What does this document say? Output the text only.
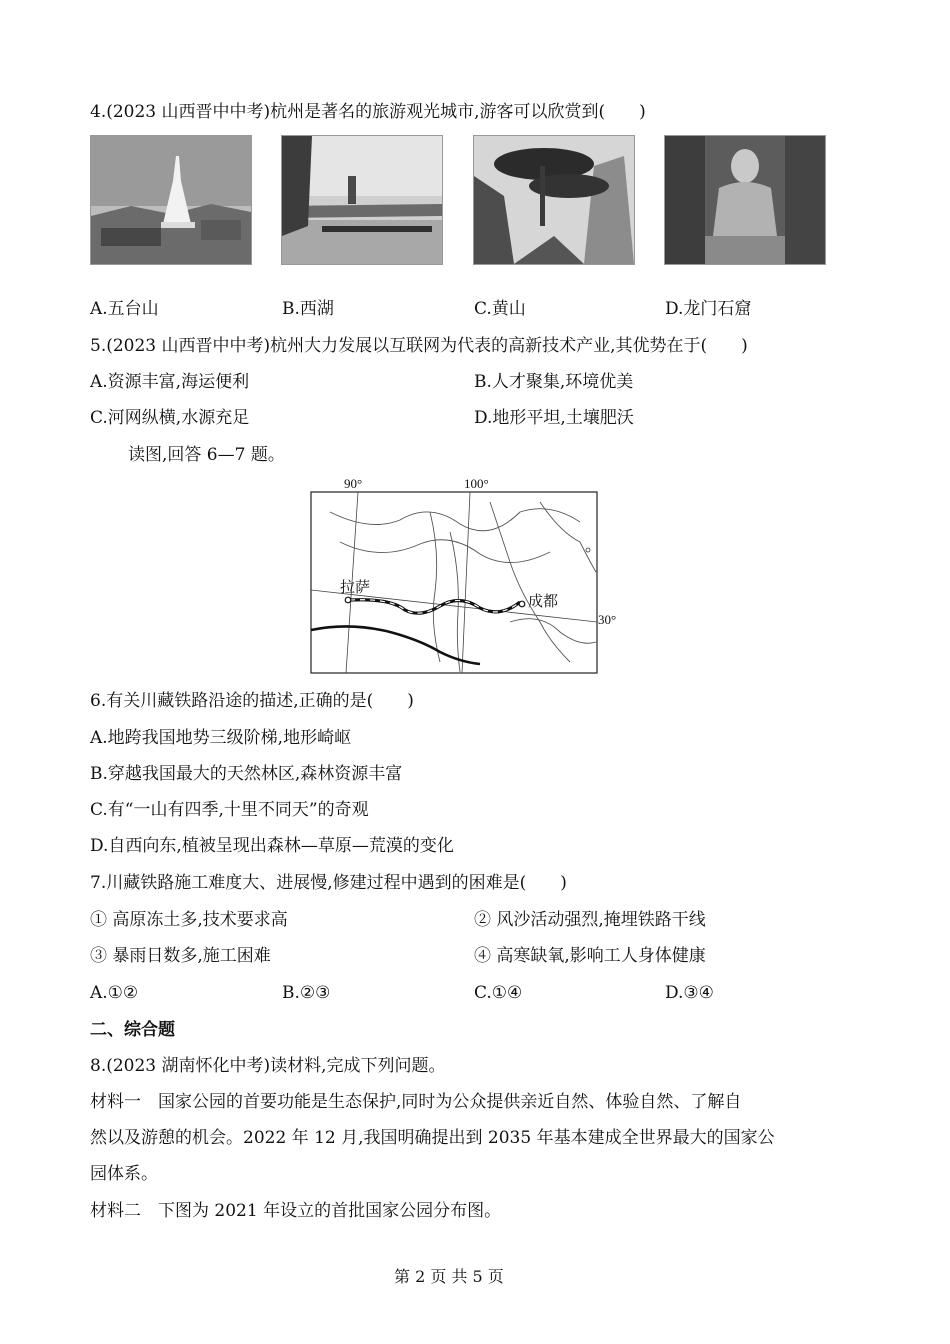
4.(2023 山西晋中中考)杭州是著名的旅游观光城市,游客可以欣赏到(　　)
A.五台山	B.西湖	C.黄山	D.龙门石窟
5.(2023 山西晋中中考)杭州大力发展以互联网为代表的高新技术产业,其优势在于(　　)
A.资源丰富,海运便利	B.人才聚集,环境优美
C.河网纵横,水源充足	D.地形平坦,土壤肥沃
读图,回答 6—7 题。
90°	100°
30°
拉萨
成都
6.有关川藏铁路沿途的描述,正确的是(　　)
A.地跨我国地势三级阶梯,地形崎岖
B.穿越我国最大的天然林区,森林资源丰富
C.有“一山有四季,十里不同天”的奇观
D.自西向东,植被呈现出森林—草原—荒漠的变化
7.川藏铁路施工难度大、进展慢,修建过程中遇到的困难是(　　)
① 高原冻土多,技术要求高	② 风沙活动强烈,掩埋铁路干线
③ 暴雨日数多,施工困难	④ 高寒缺氧,影响工人身体健康
A.①②	B.②③	C.①④	D.③④
二、综合题
8.(2023 湖南怀化中考)读材料,完成下列问题。
材料一　国家公园的首要功能是生态保护,同时为公众提供亲近自然、体验自然、了解自
然以及游憩的机会。2022 年 12 月,我国明确提出到 2035 年基本建成全世界最大的国家公
园体系。
材料二　下图为 2021 年设立的首批国家公园分布图。
第 2 页 共 5 页
